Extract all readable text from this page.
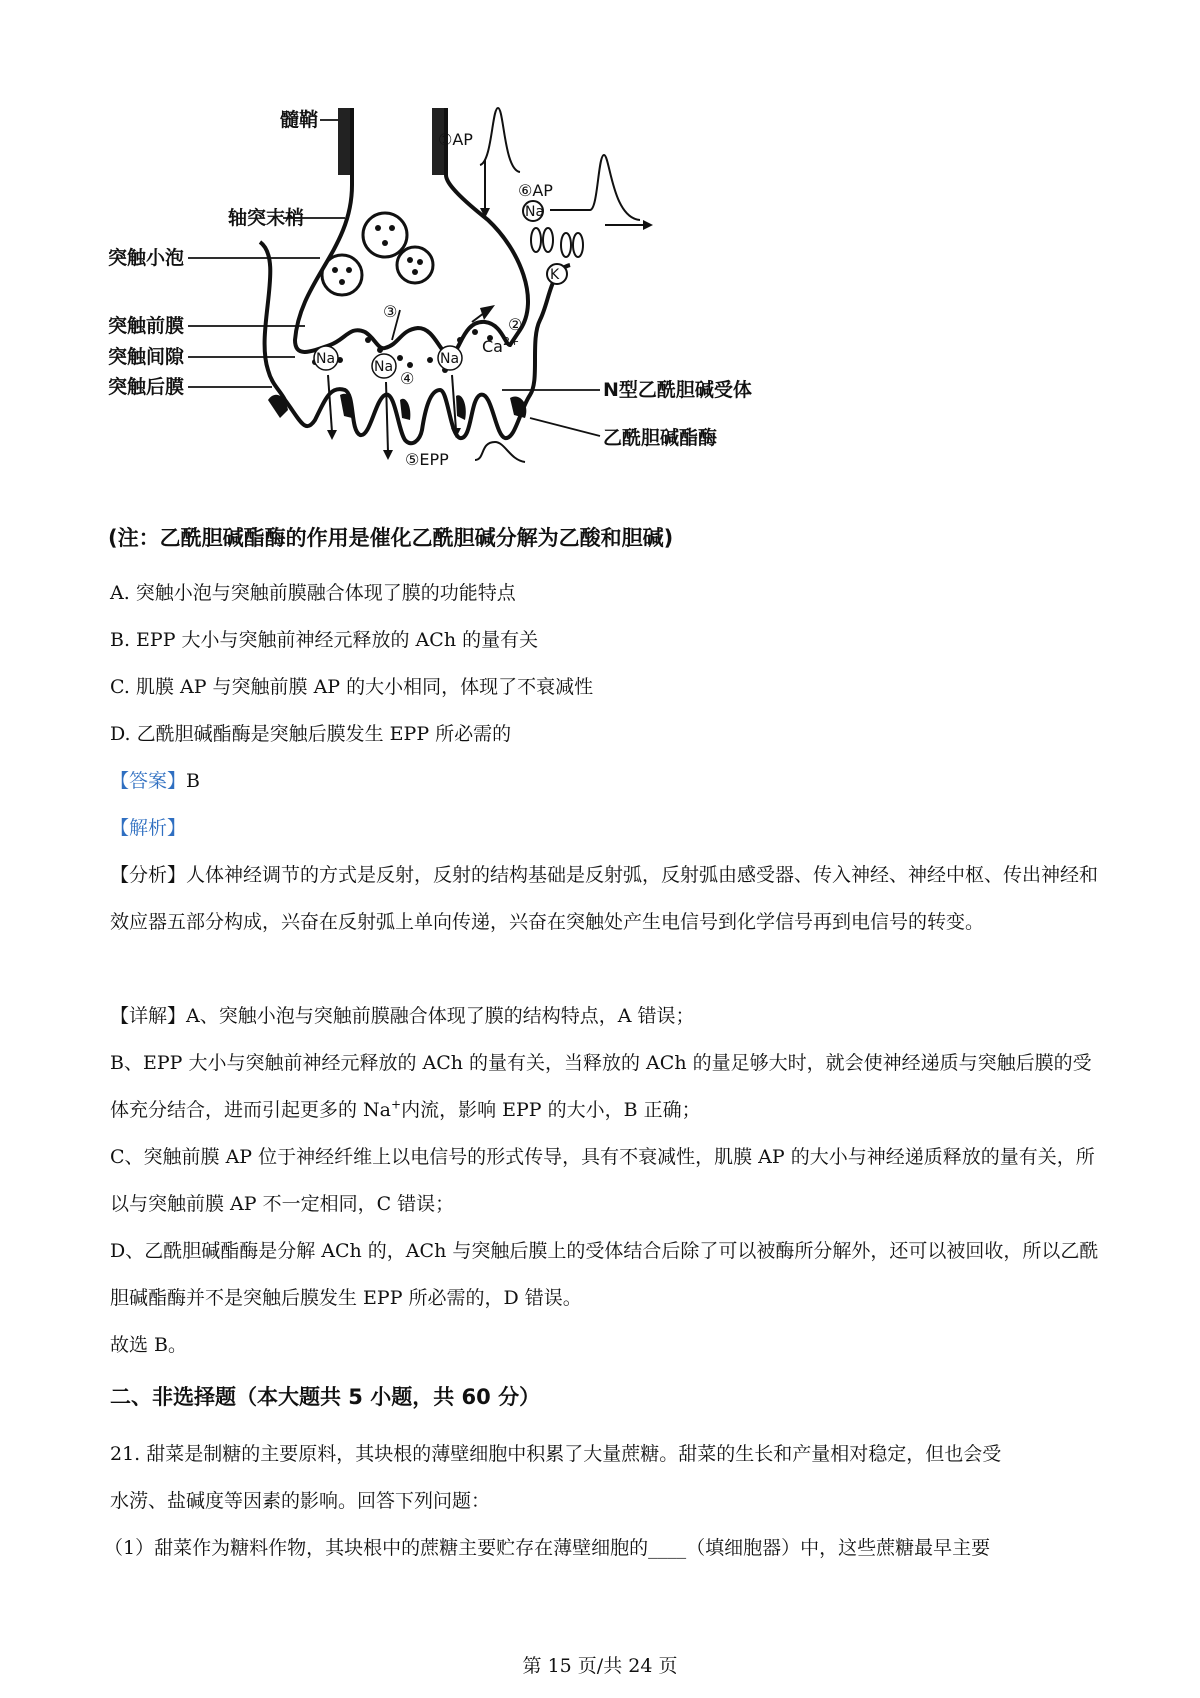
Na	Na	Na
Na
K
髓鞘
轴突末梢
突触小泡
突触前膜
突触间隙
突触后膜	N型乙酰胆碱受体
乙酰胆碱酯酶
①AP
②
③
④
⑤EPP
⑥AP
$Ca^{2+}$
(注：乙酰胆碱酯酶的作用是催化乙酰胆碱分解为乙酸和胆碱)
A. 突触小泡与突触前膜融合体现了膜的功能特点
B. EPP 大小与突触前神经元释放的 ACh 的量有关
C. 肌膜 AP 与突触前膜 AP 的大小相同，体现了不衰减性
D. 乙酰胆碱酯酶是突触后膜发生 EPP 所必需的
【答案】B
【解析】
【分析】人体神经调节的方式是反射，反射的结构基础是反射弧，反射弧由感受器、传入神经、神经中枢、传出神经和效应器五部分构成，兴奋在反射弧上单向传递，兴奋在突触处产生电信号到化学信号再到电信号的转变。
【详解】A、突触小泡与突触前膜融合体现了膜的结构特点，A 错误；
B、EPP 大小与突触前神经元释放的 ACh 的量有关，当释放的 ACh 的量足够大时，就会使神经递质与突触后膜的受体充分结合，进而引起更多的 Na+内流，影响 EPP 的大小，B 正确；
C、突触前膜 AP 位于神经纤维上以电信号的形式传导，具有不衰减性，肌膜 AP 的大小与神经递质释放的量有关，所以与突触前膜 AP 不一定相同，C 错误；
D、乙酰胆碱酯酶是分解 ACh 的，ACh 与突触后膜上的受体结合后除了可以被酶所分解外，还可以被回收，所以乙酰胆碱酯酶并不是突触后膜发生 EPP 所必需的，D 错误。
故选 B。
二、非选择题（本大题共 5 小题，共 60 分）
21. 甜菜是制糖的主要原料，其块根的薄壁细胞中积累了大量蔗糖。甜菜的生长和产量相对稳定，但也会受
水涝、盐碱度等因素的影响。回答下列问题：
（1）甜菜作为糖料作物，其块根中的蔗糖主要贮存在薄壁细胞的____（填细胞器）中，这些蔗糖最早主要
第 15 页/共 24 页
